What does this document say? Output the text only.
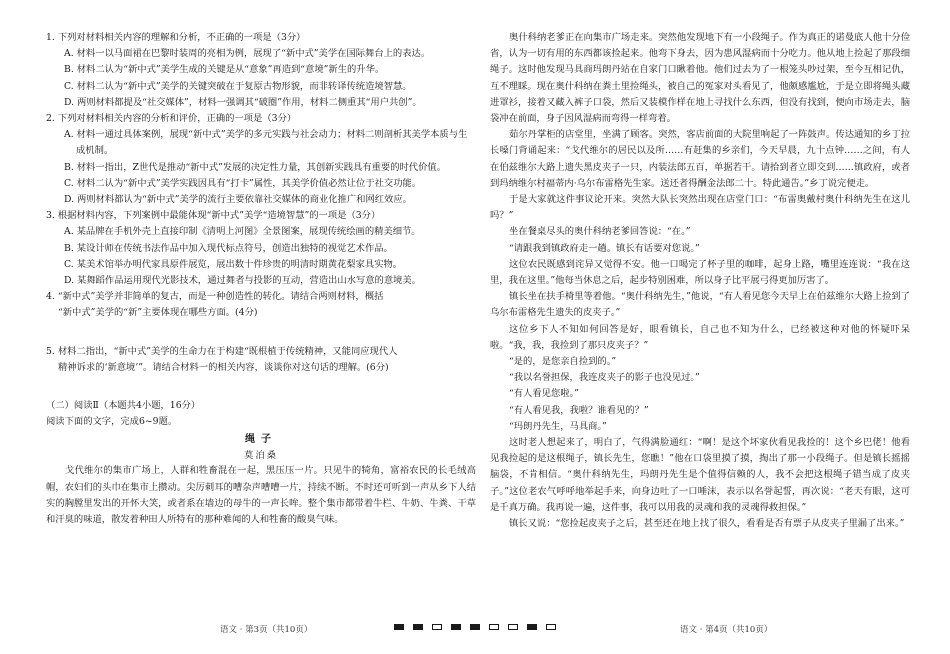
1. 下列对材料相关内容的理解和分析，不正确的一项是（3分）
A. 材料一以马面裙在巴黎时装周的亮相为例，展现了“新中式”美学在国际舞台上的表达。
B. 材料二认为“新中式”美学生成的关键是从“意象”再造到“意境”新生的升华。
C. 材料二认为“新中式”美学的关键突破在于复原古物形貌，而非转译传统造境智慧。
D. 两则材料都提及“社交媒体”，材料一强调其“破圈”作用，材料二侧重其“用户共创”。
2. 下列对材料相关内容的分析和评价，正确的一项是（3分）
A. 材料一通过具体案例，展现“新中式”美学的多元实践与社会动力；材料二则剖析其美学本质与生成机制。
B. 材料一指出，Z世代是推动“新中式”发展的决定性力量，其创新实践具有重要的时代价值。
C. 材料二认为“新中式”美学实践因具有“打卡”属性，其美学价值必然让位于社交功能。
D. 两则材料都认为“新中式”美学的流行主要依靠社交媒体的商业化推广和网红效应。
3. 根据材料内容，下列案例中最能体现“新中式”美学“造境智慧”的一项是（3分）
A. 某品牌在手机外壳上直接印制《清明上河图》全景图案，展现传统绘画的精美细节。
B. 某设计师在传统书法作品中加入现代标点符号，创造出独特的视觉艺术作品。
C. 某美术馆举办明代家具原件展览，展出数十件珍贵的明清时期黄花梨家具实物。
D. 某舞蹈作品运用现代光影技术，通过舞者与投影的互动，营造出山水写意的意境美。
4. “新中式”美学并非简单的复古，而是一种创造性的转化。请结合两则材料，概括
“新中式”美学的“新”主要体现在哪些方面。(4分)
5. 材料二指出，“新中式”美学的生命力在于构建“既根植于传统精神，又能同应现代人
精神诉求的‘新意境’”。请结合材料一的相关内容，谈谈你对这句话的理解。(6分)

（二）阅读Ⅱ（本题共4小题，16分）

阅读下面的文字，完成6~9题。

绳子

莫泊桑

戈代维尔的集市广场上，人群和牲畜混在一起，黑压压一片。只见牛的犄角，富裕农民的长毛绒高帽，农妇们的头巾在集市上攒动。尖厉刺耳的嘈杂声嘈嘈一片，持续不断。不时还可听到一声从乡下人结实的胸膛里发出的开怀大笑，或者系在墙边的母牛的一声长哞。整个集市都带着牛栏、牛奶、牛粪、干草和汗臭的味道，散发着种田人所特有的那种难闻的人和牲畜的酸臭气味。

奥什科纳老爹正在向集市广场走来。突然他发现地下有一小段绳子。作为真正的诺曼底人他十分俭省，认为一切有用的东西都该捡起来。他弯下身去，因为患风湿病而十分吃力。他从地上捡起了那段细绳子。这时他发现马具商玛朗丹站在自家门口瞅着他。他们过去为了一根笼头吵过架，至今互相记仇，互不理睬。现在奥什科纳在粪土里捡绳头，被自己的冤家对头看见了，他颇感尴尬，于是立即将绳头藏进罩衫，接着又藏入裤子口袋，然后又装模作样在地上寻找什么东西，但没有找到，便向市场走去，脑袋冲在前面，身子因风湿病而弯得一样弯着。

茹尔丹掌柜的店堂里，坐满了顾客。突然，客店前面的大院里响起了一阵鼓声。传达通知的乡丁拉长嗓门背诵起来：“戈代维尔的居民以及所……有赶集的乡亲们，今天早晨，九十点钟……之间，有人在伯兹维尔大路上遗失黑皮夹子一只，内装法郎五百，单据若干。请拾到者立即交到……镇政府，或者到玛纳维尔村福蒂内·乌尔布雷格先生家。送还者得酬金法郎二十。特此通告。”乡丁说完便走。

于是大家就这件事议论开来。突然大队长突然出现在店堂门口：“布雷奥戴村奥什科纳先生在这儿吗？”

坐在餐桌尽头的奥什科纳老爹回答说：“在。”

“请跟我到镇政府走一趟。镇长有话要对您说。”

这位农民既感到诧异又觉得不安。他一口喝完了杯子里的咖啡，起身上路，嘴里连连说：“我在这里，我在这里。”他每当休息之后，起步特别困难，所以身子比平展弓得更加厉害了。

镇长坐在扶手椅里等着他。“奥什科纳先生，”他说，“有人看见您今天早上在伯兹维尔大路上捡到了乌尔布雷格先生遗失的皮夹子。”

这位乡下人不知如何回答是好，眼看镇长，自己也不知为什么，已经被这种对他的怀疑吓呆啦。“我，我，我捡到了那只皮夹子？”

“是的，是您亲自捡到的。”

“我以名誉担保，我连皮夹子的影子也没见过。”

“有人看见您啦。”

“有人看见我，我啦？谁看见的？”

“玛朗丹先生，马具商。”

这时老人想起来了，明白了，气得满脸通红：“啊！是这个坏家伙看见我捡的！这个乡巴佬！他看见我捡起的是这根绳子，镇长先生，您瞧！”他在口袋里摸了摸，掏出了那一小段绳子。但是镇长摇摇脑袋，不肯相信。“奥什科纳先生，玛朗丹先生是个值得信赖的人，我不会把这根绳子错当成了皮夹子。”这位老农气呼呼地举起手来，向身边吐了一口唾沫，表示以名誉起誓，再次说：“老天有眼，这可是千真万确。我再说一遍，这件事，我可以用我的灵魂和我的灵魂得救担保。”

镇长又说：“您捡起皮夹子之后，甚至还在地上找了很久，看看是否有票子从皮夹子里漏了出来。”

语文 · 第3页（共10页）	语文 · 第4页（共10页）
